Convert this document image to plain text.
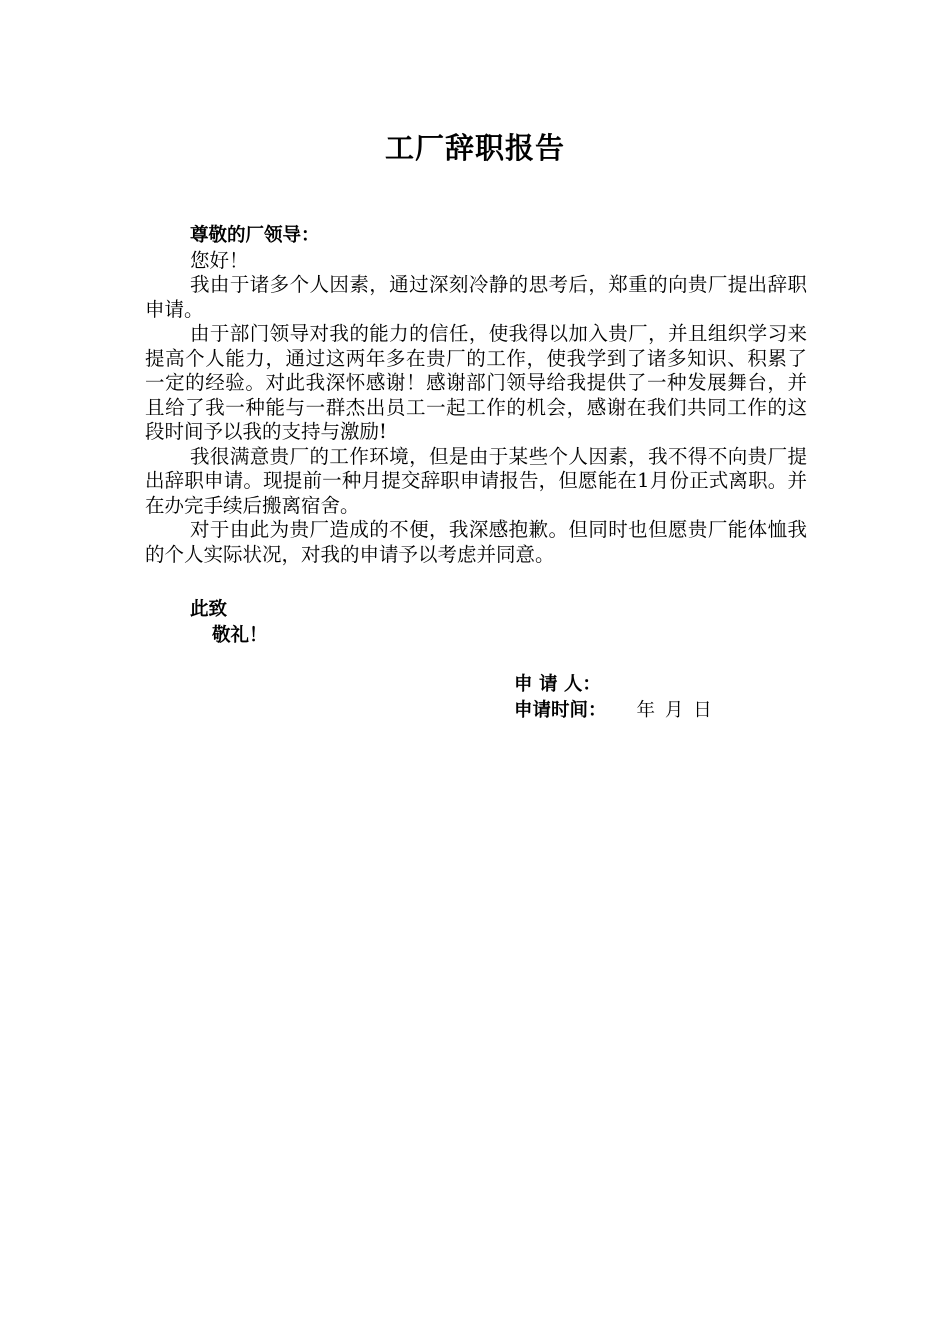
工厂辞职报告

尊敬的厂领导：

您好！

我由于诸多个人因素，通过深刻冷静的思考后，郑重的向贵厂提出辞职申请。

由于部门领导对我的能力的信任，使我得以加入贵厂，并且组织学习来提高个人能力，通过这两年多在贵厂的工作，使我学到了诸多知识、积累了一定的经验。对此我深怀感谢！感谢部门领导给我提供了一种发展舞台，并且给了我一种能与一群杰出员工一起工作的机会，感谢在我们共同工作的这段时间予以我的支持与激励!

我很满意贵厂的工作环境，但是由于某些个人因素，我不得不向贵厂提出辞职申请。现提前一种月提交辞职申请报告，但愿能在1月份正式离职。并在办完手续后搬离宿舍。

对于由此为贵厂造成的不便，我深感抱歉。但同时也但愿贵厂能体恤我的个人实际状况，对我的申请予以考虑并同意。

此致
敬礼！
申 请 人：
申请时间： 年 月 日
